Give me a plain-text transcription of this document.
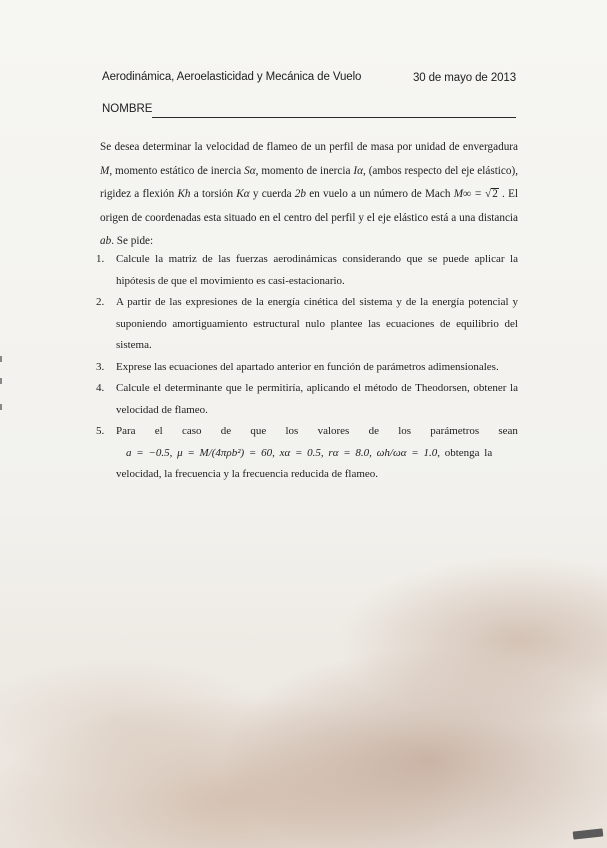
Aerodinámica, Aeroelasticidad y Mecánica de Vuelo	30 de mayo de 2013
NOMBRE
Se desea determinar la velocidad de flameo de un perfil de masa por unidad de envergadura M, momento estático de inercia Sα, momento de inercia Iα, (ambos respecto del eje elástico), rigidez a flexión Kh a torsión Kα y cuerda 2b en vuelo a un número de Mach M∞ = √2 . El origen de coordenadas esta situado en el centro del perfil y el eje elástico está a una distancia ab. Se pide:
1. Calcule la matriz de las fuerzas aerodinámicas considerando que se puede aplicar la hipótesis de que el movimiento es casi-estacionario.
2. A partir de las expresiones de la energía cinética del sistema y de la energía potencial y suponiendo amortiguamiento estructural nulo plantee las ecuaciones de equilibrio del sistema.
3. Exprese las ecuaciones del apartado anterior en función de parámetros adimensionales.
4. Calcule el determinante que le permitiría, aplicando el método de Theodorsen, obtener la velocidad de flameo.
5. Para el caso de que los valores de los parámetros sean
a = −0.5, μ = M/(4πρb²) = 60, xα = 0.5, rα = 8.0, ωh/ωα = 1.0, obtenga la
velocidad, la frecuencia y la frecuencia reducida de flameo.
